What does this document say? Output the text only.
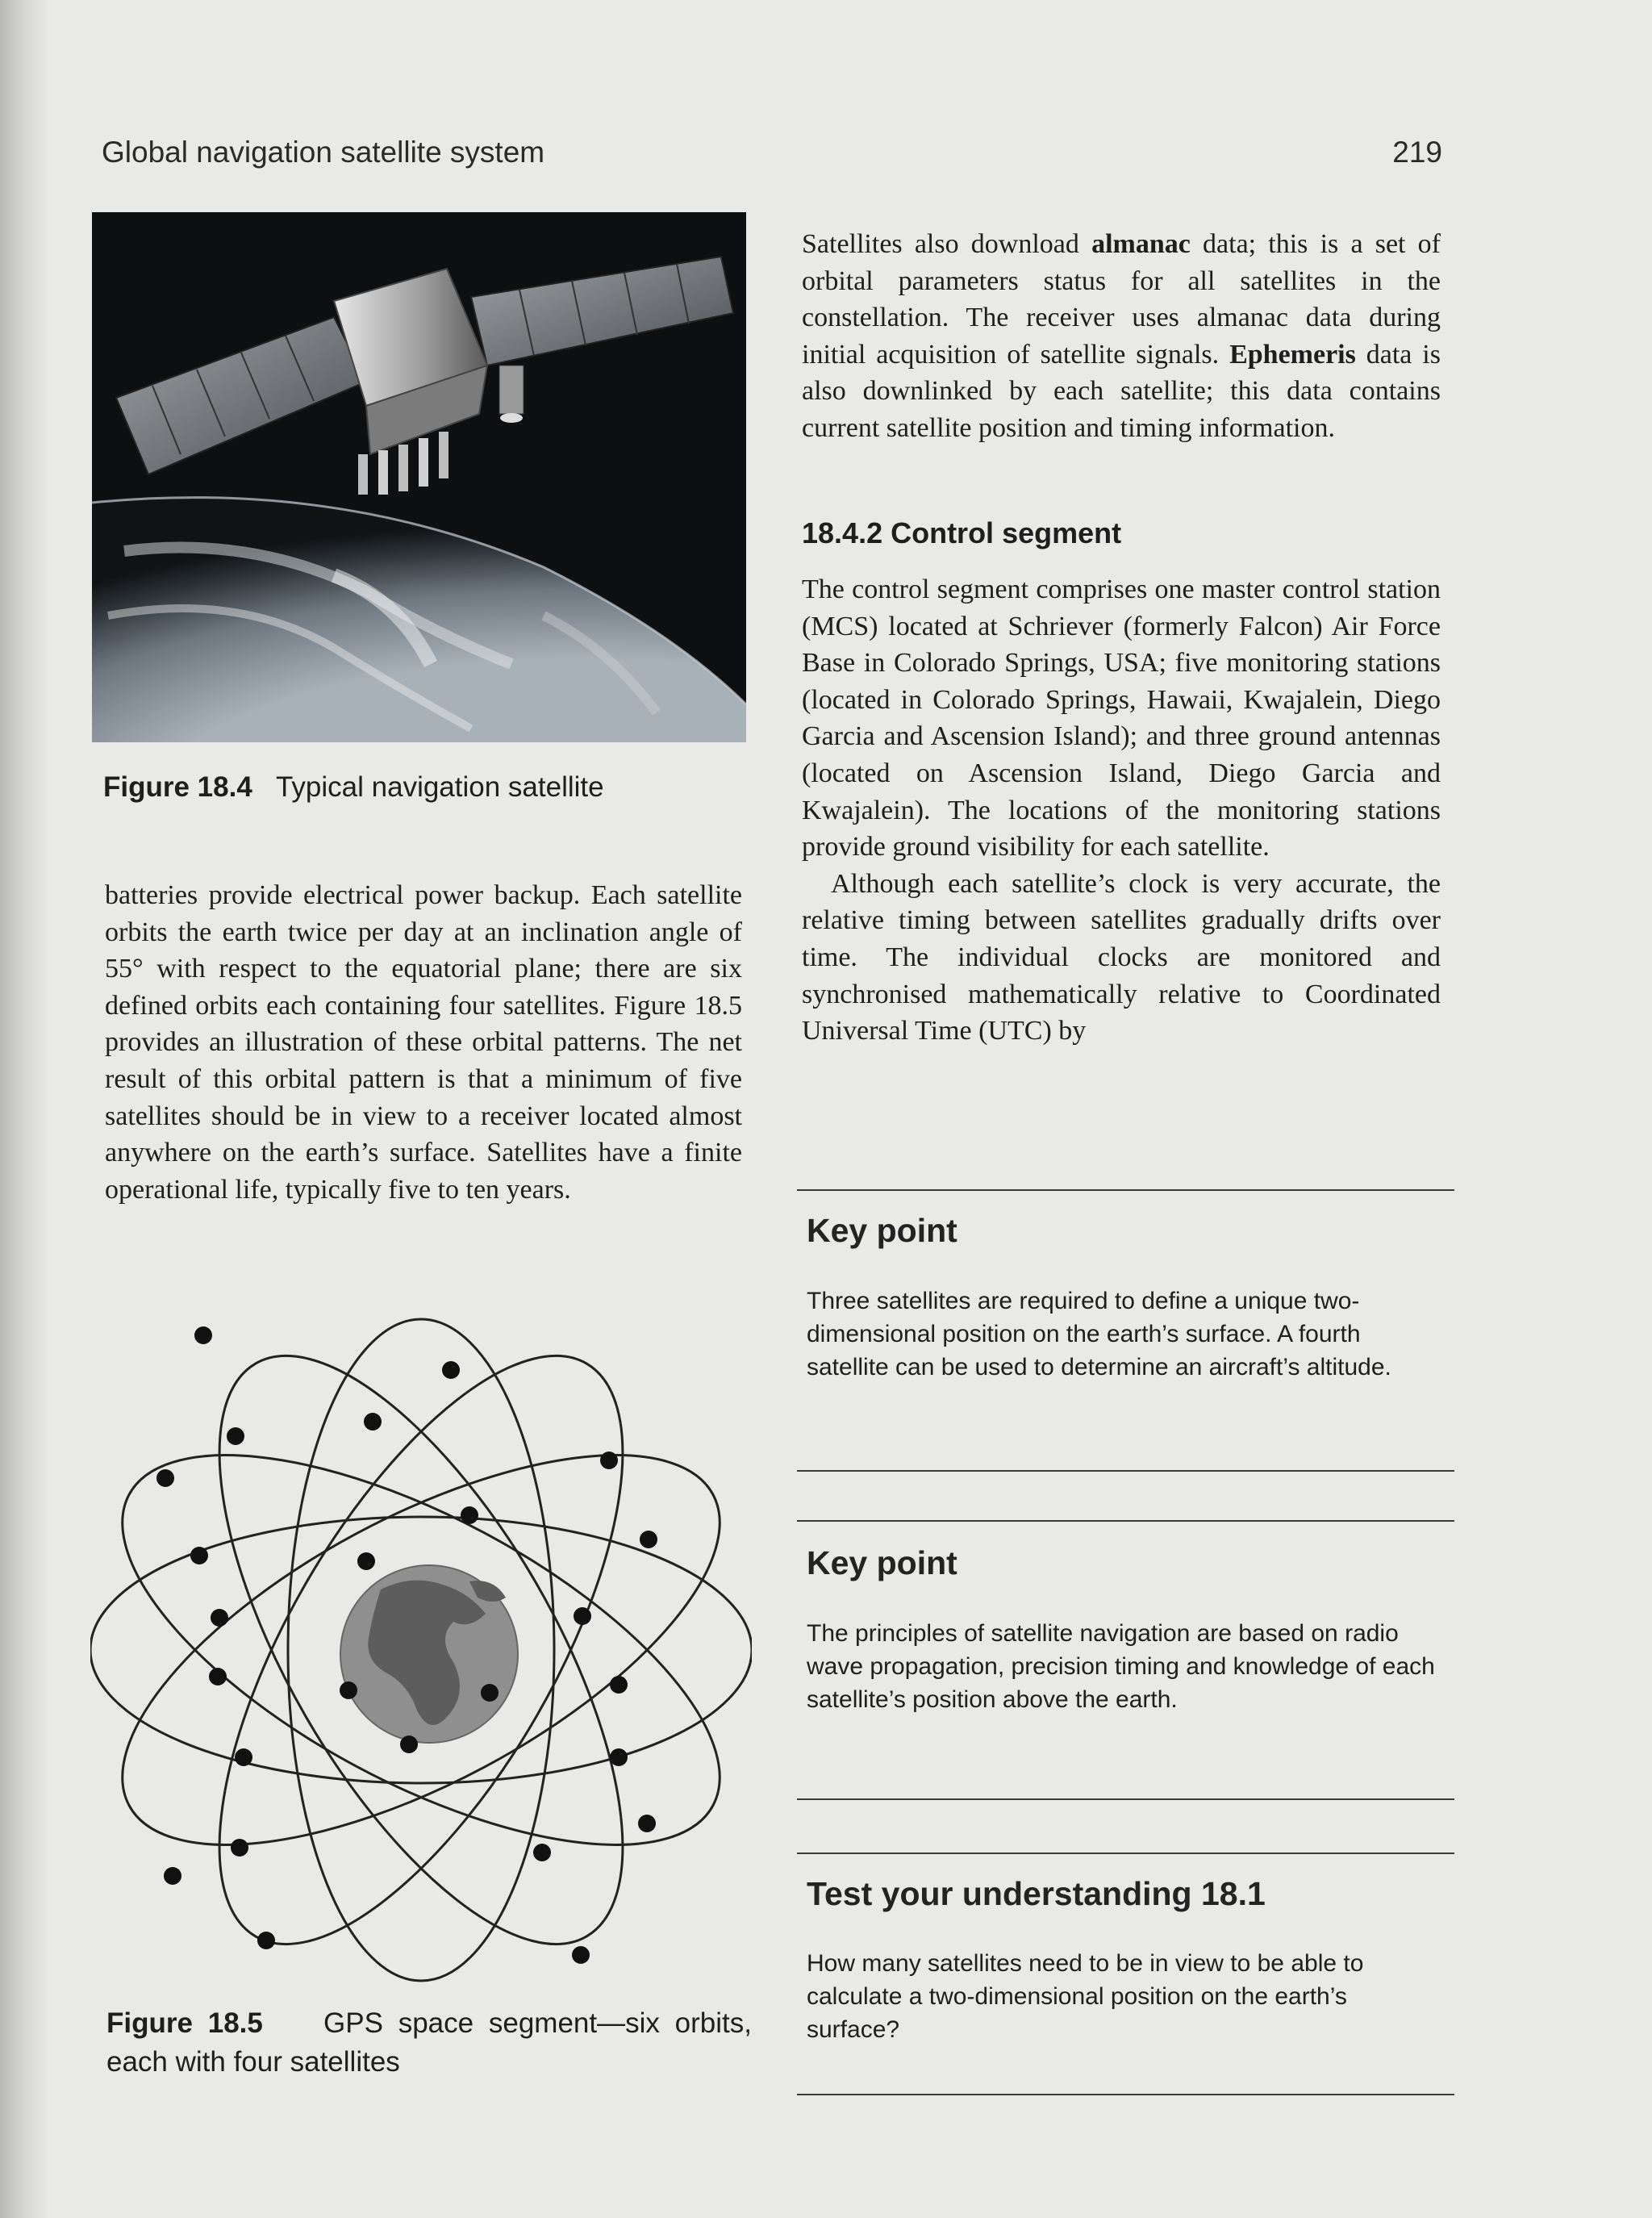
Global navigation satellite system	219
Figure 18.4 Typical navigation satellite
batteries provide electrical power backup. Each satellite orbits the earth twice per day at an inclination angle of 55° with respect to the equatorial plane; there are six defined orbits each containing four satellites. Figure 18.5 provides an illustration of these orbital patterns. The net result of this orbital pattern is that a minimum of five satellites should be in view to a receiver located almost anywhere on the earth’s surface. Satellites have a finite operational life, typically five to ten years.
Figure 18.5 GPS space segment—six orbits, each with four satellites
Satellites also download almanac data; this is a set of orbital parameters status for all satellites in the constellation. The receiver uses almanac data during initial acquisition of satellite signals. Ephemeris data is also downlinked by each satellite; this data contains current satellite position and timing information.
18.4.2 Control segment

The control segment comprises one master control station (MCS) located at Schriever (formerly Falcon) Air Force Base in Colorado Springs, USA; five monitoring stations (located in Colorado Springs, Hawaii, Kwajalein, Diego Garcia and Ascension Island); and three ground antennas (located on Ascension Island, Diego Garcia and Kwajalein). The locations of the monitoring stations provide ground visibility for each satellite.

Although each satellite’s clock is very accurate, the relative timing between satellites gradually drifts over time. The individual clocks are monitored and synchronised mathematically relative to Coordinated Universal Time (UTC) by

Key point
Three satellites are required to define a unique two-dimensional position on the earth’s surface. A fourth satellite can be used to determine an aircraft’s altitude.
Key point
The principles of satellite navigation are based on radio wave propagation, precision timing and knowledge of each satellite’s position above the earth.
Test your understanding 18.1
How many satellites need to be in view to be able to calculate a two-dimensional position on the earth’s surface?
